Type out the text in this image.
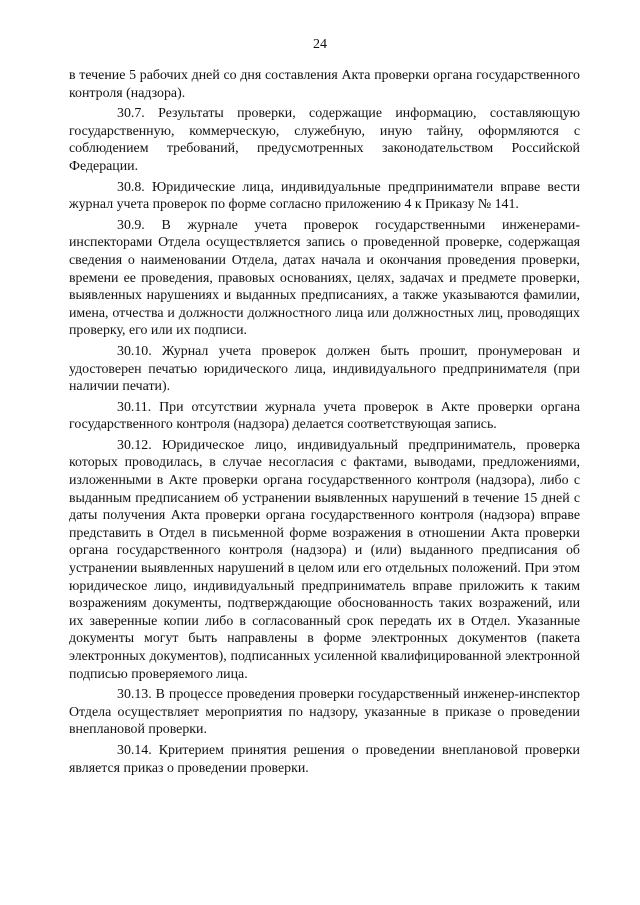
24

в течение 5 рабочих дней со дня составления Акта проверки органа государственного контроля (надзора).

30.7. Результаты проверки, содержащие информацию, составляющую государственную, коммерческую, служебную, иную тайну, оформляются с соблюдением требований, предусмотренных законодательством Российской Федерации.

30.8. Юридические лица, индивидуальные предприниматели вправе вести журнал учета проверок по форме согласно приложению 4 к Приказу № 141.

30.9. В журнале учета проверок государственными инженерами-инспекторами Отдела осуществляется запись о проведенной проверке, содержащая сведения о наименовании Отдела, датах начала и окончания проведения проверки, времени ее проведения, правовых основаниях, целях, задачах и предмете проверки, выявленных нарушениях и выданных предписаниях, а также указываются фамилии, имена, отчества и должности должностного лица или должностных лиц, проводящих проверку, его или их подписи.

30.10. Журнал учета проверок должен быть прошит, пронумерован и удостоверен печатью юридического лица, индивидуального предпринимателя (при наличии печати).

30.11. При отсутствии журнала учета проверок в Акте проверки органа государственного контроля (надзора) делается соответствующая запись.

30.12. Юридическое лицо, индивидуальный предприниматель, проверка которых проводилась, в случае несогласия с фактами, выводами, предложениями, изложенными в Акте проверки органа государственного контроля (надзора), либо с выданным предписанием об устранении выявленных нарушений в течение 15 дней с даты получения Акта проверки органа государственного контроля (надзора) вправе представить в Отдел в письменной форме возражения в отношении Акта проверки органа государственного контроля (надзора) и (или) выданного предписания об устранении выявленных нарушений в целом или его отдельных положений. При этом юридическое лицо, индивидуальный предприниматель вправе приложить к таким возражениям документы, подтверждающие обоснованность таких возражений, или их заверенные копии либо в согласованный срок передать их в Отдел. Указанные документы могут быть направлены в форме электронных документов (пакета электронных документов), подписанных усиленной квалифицированной электронной подписью проверяемого лица.

30.13. В процессе проведения проверки государственный инженер-инспектор Отдела осуществляет мероприятия по надзору, указанные в приказе о проведении внеплановой проверки.

30.14. Критерием принятия решения о проведении внеплановой проверки является приказ о проведении проверки.
